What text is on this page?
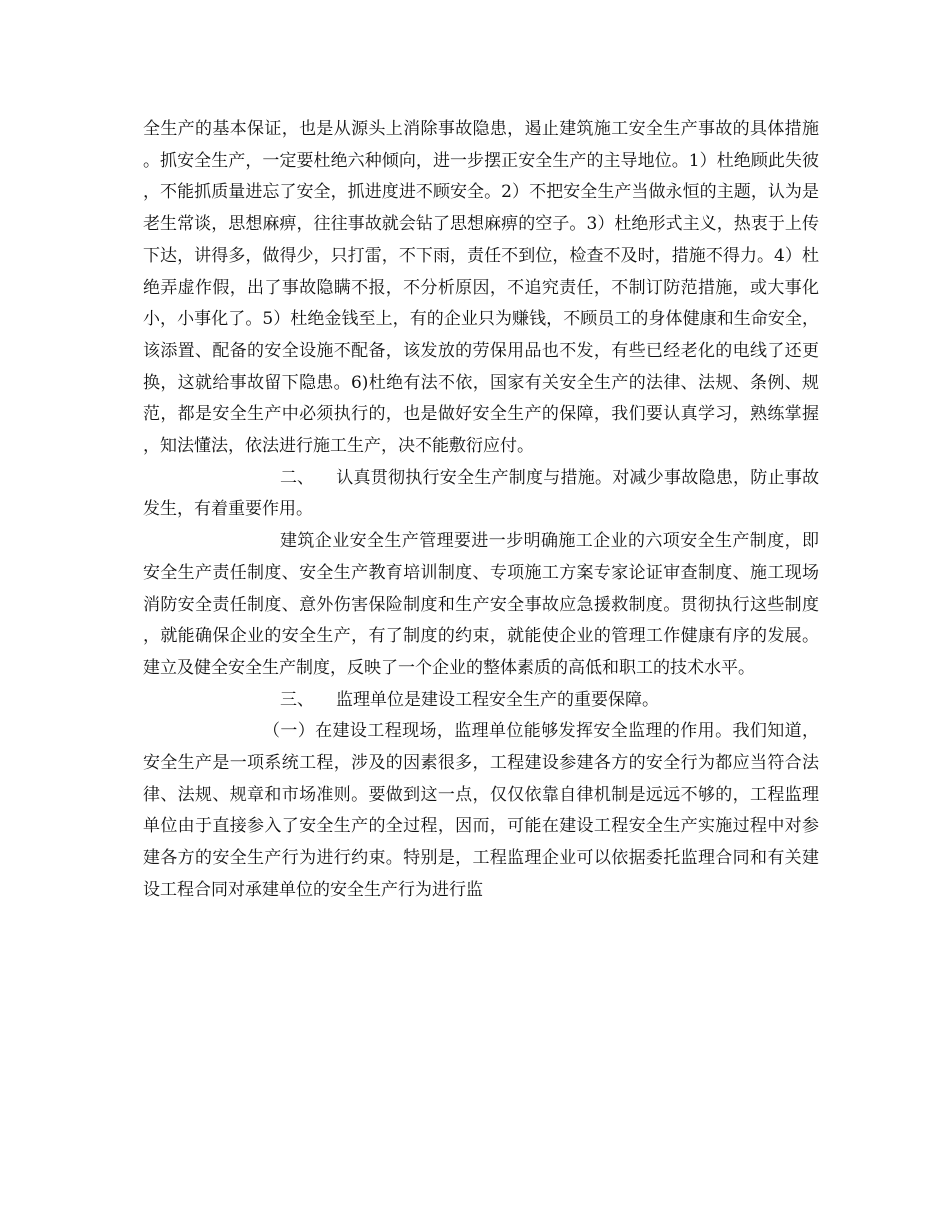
全生产的基本保证，也是从源头上消除事故隐患，遏止建筑施工安全生产事故的具体措施。抓安全生产，一定要杜绝六种倾向，进一步摆正安全生产的主导地位。1）杜绝顾此失彼，不能抓质量进忘了安全，抓进度进不顾安全。2）不把安全生产当做永恒的主题，认为是老生常谈，思想麻痹，往往事故就会钻了思想麻痹的空子。3）杜绝形式主义，热衷于上传下达，讲得多，做得少，只打雷，不下雨，责任不到位，检查不及时，措施不得力。4）杜绝弄虚作假，出了事故隐瞒不报，不分析原因，不追究责任，不制订防范措施，或大事化小，小事化了。5）杜绝金钱至上，有的企业只为赚钱，不顾员工的身体健康和生命安全，该添置、配备的安全设施不配备，该发放的劳保用品也不发，有些已经老化的电线了还更换，这就给事故留下隐患。6)杜绝有法不依，国家有关安全生产的法律、法规、条例、规范，都是安全生产中必须执行的，也是做好安全生产的保障，我们要认真学习，熟练掌握，知法懂法，依法进行施工生产，决不能敷衍应付。

二、 认真贯彻执行安全生产制度与措施。对减少事故隐患，防止事故发生，有着重要作用。

建筑企业安全生产管理要进一步明确施工企业的六项安全生产制度，即安全生产责任制度、安全生产教育培训制度、专项施工方案专家论证审查制度、施工现场消防安全责任制度、意外伤害保险制度和生产安全事故应急援救制度。贯彻执行这些制度，就能确保企业的安全生产，有了制度的约束，就能使企业的管理工作健康有序的发展。建立及健全安全生产制度，反映了一个企业的整体素质的高低和职工的技术水平。

三、 监理单位是建设工程安全生产的重要保障。

（一）在建设工程现场，监理单位能够发挥安全监理的作用。我们知道，安全生产是一项系统工程，涉及的因素很多，工程建设参建各方的安全行为都应当符合法律、法规、规章和市场准则。要做到这一点，仅仅依靠自律机制是远远不够的，工程监理单位由于直接参入了安全生产的全过程，因而，可能在建设工程安全生产实施过程中对参建各方的安全生产行为进行约束。特别是，工程监理企业可以依据委托监理合同和有关建设工程合同对承建单位的安全生产行为进行监
